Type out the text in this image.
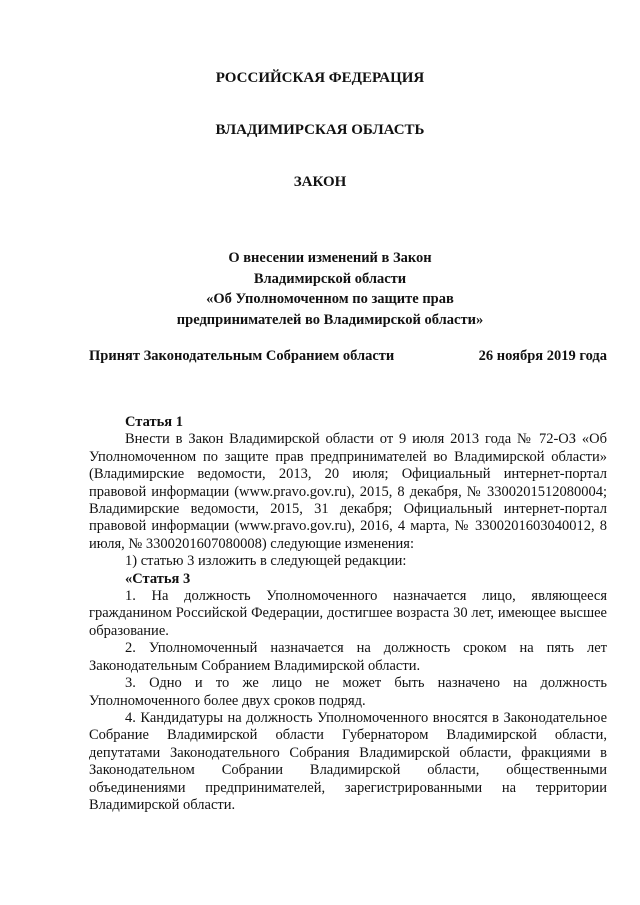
РОССИЙСКАЯ ФЕДЕРАЦИЯ
ВЛАДИМИРСКАЯ ОБЛАСТЬ
ЗАКОН
О внесении изменений в Закон
Владимирской области
«Об Уполномоченном по защите прав
предпринимателей во Владимирской области»
Принят Законодательным Собранием области	26 ноября 2019 года
Статья 1

Внести в Закон Владимирской области от 9 июля 2013 года № 72-ОЗ «Об Уполномоченном по защите прав предпринимателей во Владимирской области» (Владимирские ведомости, 2013, 20 июля; Официальный интернет-портал правовой информации (www.pravo.gov.ru), 2015, 8 декабря, № 3300201512080004; Владимирские ведомости, 2015, 31 декабря; Официальный интернет-портал правовой информации (www.pravo.gov.ru), 2016, 4 марта, № 3300201603040012, 8 июля, № 3300201607080008) следующие изменения:

1) статью 3 изложить в следующей редакции:

«Статья 3

1. На должность Уполномоченного назначается лицо, являющееся гражданином Российской Федерации, достигшее возраста 30 лет, имеющее высшее образование.

2. Уполномоченный назначается на должность сроком на пять лет Законодательным Собранием Владимирской области.

3. Одно и то же лицо не может быть назначено на должность Уполномоченного более двух сроков подряд.

4. Кандидатуры на должность Уполномоченного вносятся в Законодательное Собрание Владимирской области Губернатором Владимирской области, депутатами Законодательного Собрания Владимирской области, фракциями в Законодательном Собрании Владимирской области, общественными объединениями предпринимателей, зарегистрированными на территории Владимирской области.
